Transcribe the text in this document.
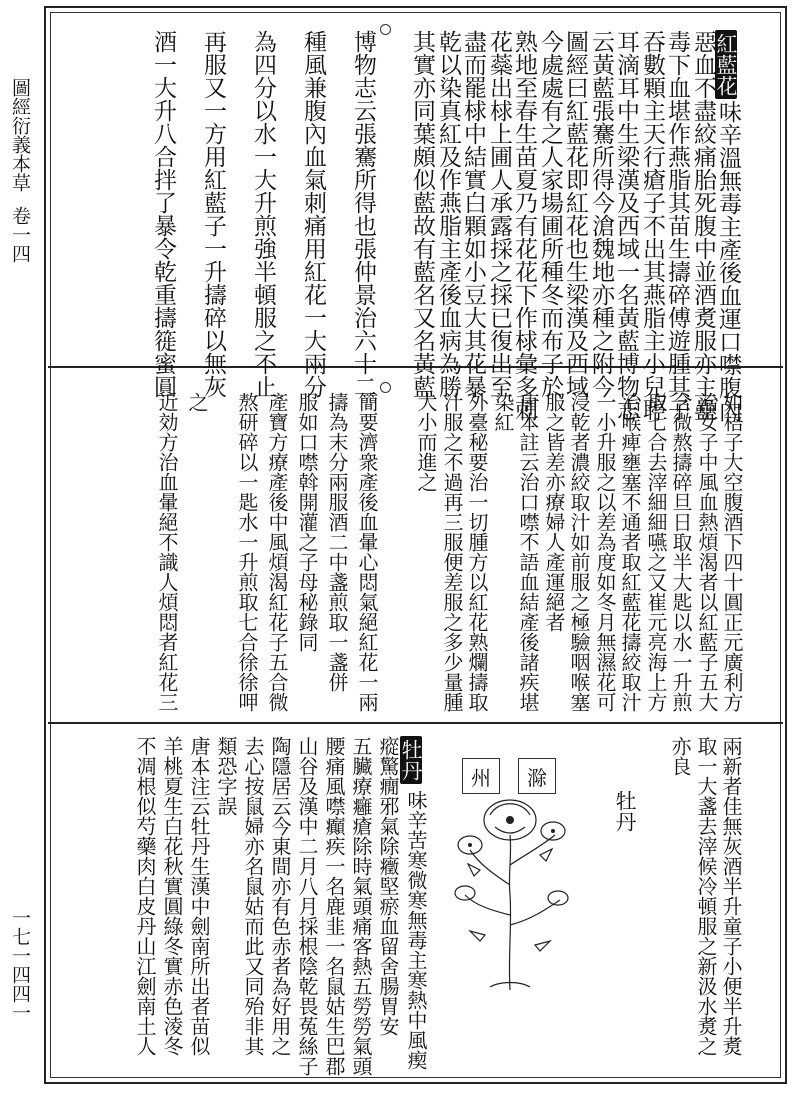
圖經衍義本草
卷一四
一七一四四一
紅藍花
味辛溫無毒主產後血運口噤腹內
惡血不盡絞痛胎死腹中並酒煑服亦主蠱
毒下血堪作燕脂其苗生擣碎傅遊腫其子
吞數顆主天行瘡子不出其燕脂主小兒聤
耳滴耳中生梁漢及西域一名黃藍博物志
云黃藍張騫所得今滄魏地亦種之附今
圖經曰紅藍花即紅花也生梁漢及西域
今處處有之人家場圃所種冬而布子於
熟地至春生苗夏乃有花花下作梂彙多刺
花蘂出梂上圃人承露採之採已復出至
盡而罷梂中結實白顆如小豆大其花暴
乾以染真紅及作燕脂主產後血病為勝
其實亦同葉頗似藍故有藍名又名黃藍
博物志云張騫所得也張仲景治六十二
種風兼腹內血氣刺痛用紅花一大兩分
為四分以水一大升煎強半頓服之不止
再服又一方用紅藍子一升擣碎以無灰
酒一大升八合拌了暴令乾重擣簁蜜圓
如梧子大空腹酒下四十圓正元廣利方
治女子中風血熱煩渴者以紅藍子五大
合微熬擣碎旦日取半大匙以水一升煎
取七合去滓細細嚥之又崔元亮海上方
治喉痺壅塞不通者取紅藍花擣絞取汁
一小升服之以差為度如冬月無濕花可
浸乾者濃絞取汁如前服之極驗咽喉塞
服之皆差亦療婦人產運絕者
唐本註云治口噤不語血結產後諸疾堪
染紅
外臺秘要治一切腫方以紅花熟爛擣取
汁服之不過再三服便差服之多少量腫
大小而進之
簡要濟衆產後血暈心悶氣絕紅花一兩
擣為末分兩服酒二中盞煎取一盞併
服如口噤斡開灌之子母秘錄同
產寶方療產後中風煩渴紅花子五合微
熬研碎以一匙水一升煎取七合徐徐呷
之
近効方治血暈絕不識人煩悶者紅花三
兩新者佳無灰酒半升童子小便半升煑
取一大盞去滓候冷頓服之新汲水煑之
亦良
牡丹
滁
州
牡丹
味辛苦寒微寒無毒主寒熱中風瘈
瘲驚癇邪氣除癥堅瘀血留舍腸胃安
五臟療癰瘡除時氣頭痛客熱五勞勞氣頭
腰痛風噤癲疾一名鹿韭一名鼠姑生巴郡
山谷及漢中二月八月採根陰乾畏菟絲子
陶隱居云今東間亦有色赤者為好用之
去心按鼠婦亦名鼠姑而此又同殆非其
類恐字誤
唐本注云牡丹生漢中劍南所出者苗似
羊桃夏生白花秋實圓綠冬實赤色淩冬
不凋根似芍藥肉白皮丹山江劍南土人
